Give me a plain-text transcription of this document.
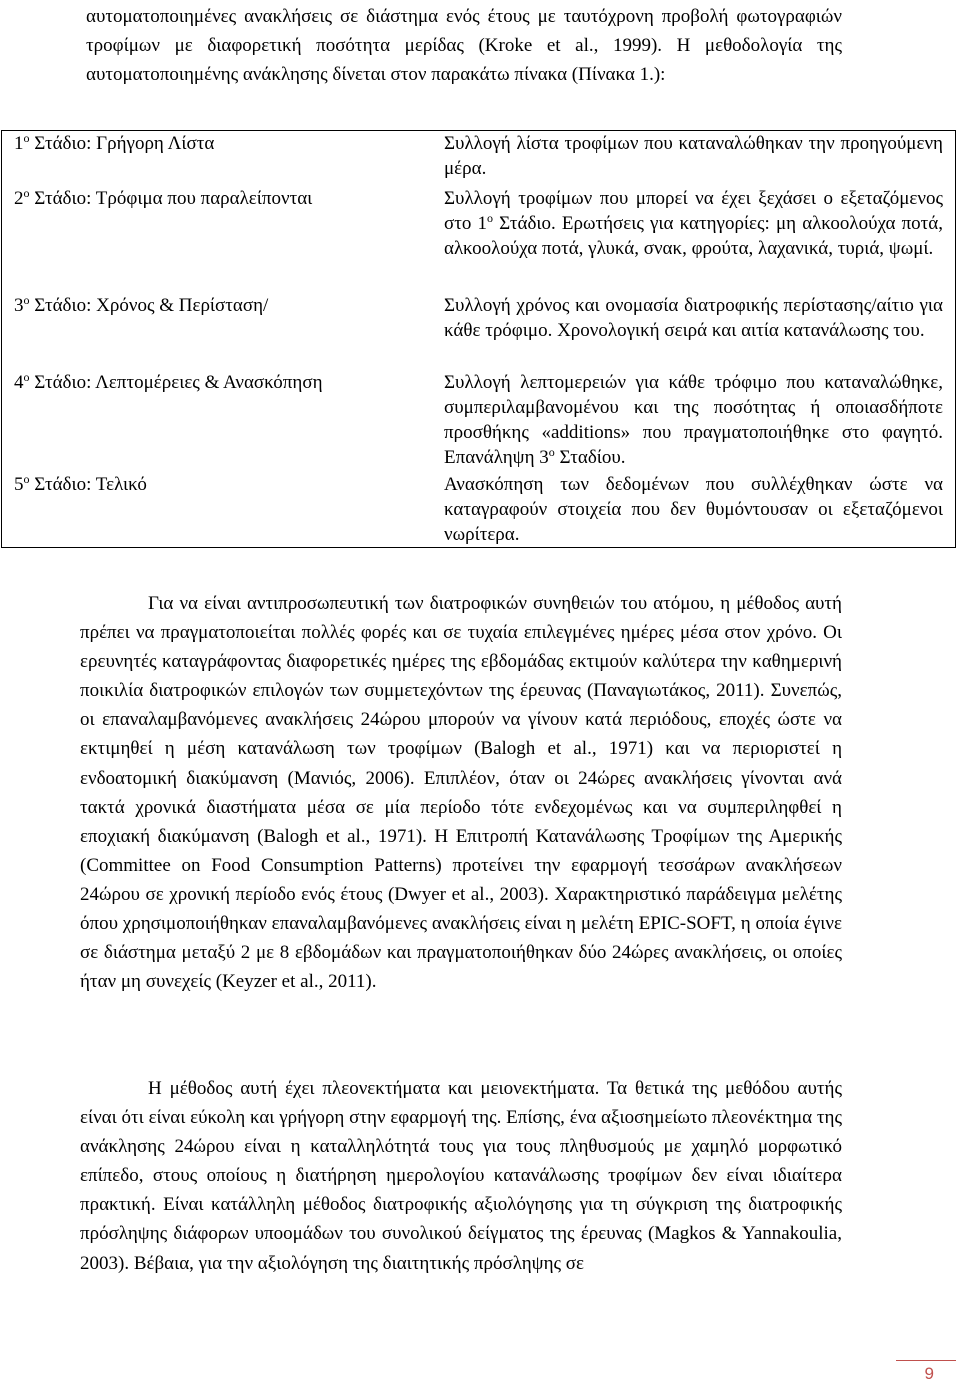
αυτοματοποιημένες ανακλήσεις σε διάστημα ενός έτους με ταυτόχρονη προβολή φωτογραφιών τροφίμων με διαφορετική ποσότητα μερίδας (Kroke et al., 1999). Η μεθοδολογία της αυτοματοποιημένης ανάκλησης δίνεται στον παρακάτω πίνακα (Πίνακα 1.):
$1^o$ Στάδιο: Γρήγορη Λίστα	Συλλογή λίστα τροφίμων που καταναλώθηκαν την προηγούμενη μέρα.
$2^o$ Στάδιο: Τρόφιμα που παραλείπονται	Συλλογή τροφίμων που μπορεί να έχει ξεχάσει ο εξεταζόμενος στο $1^o$ Στάδιο. Ερωτήσεις για κατηγορίες: μη αλκοολούχα ποτά, αλκοολούχα ποτά, γλυκά, σνακ, φρούτα, λαχανικά, τυριά, ψωμί.
$3^o$ Στάδιο: Χρόνος & Περίσταση/	Συλλογή χρόνος και ονομασία διατροφικής περίστασης/αίτιο για κάθε τρόφιμο. Χρονολογική σειρά και αιτία κατανάλωσης του.
$4^o$ Στάδιο: Λεπτομέρειες & Ανασκόπηση	Συλλογή λεπτομερειών για κάθε τρόφιμο που καταναλώθηκε, συμπεριλαμβανομένου και της ποσότητας ή οποιασδήποτε προσθήκης «additions» που πραγματοποιήθηκε στο φαγητό. Επανάληψη $3^o$ Σταδίου.
$5^o$ Στάδιο: Τελικό	Ανασκόπηση των δεδομένων που συλλέχθηκαν ώστε να καταγραφούν στοιχεία που δεν θυμόντουσαν οι εξεταζόμενοι νωρίτερα.

Για να είναι αντιπροσωπευτική των διατροφικών συνηθειών του ατόμου, η μέθοδος αυτή πρέπει να πραγματοποιείται πολλές φορές και σε τυχαία επιλεγμένες ημέρες μέσα στον χρόνο. Οι ερευνητές καταγράφοντας διαφορετικές ημέρες της εβδομάδας εκτιμούν καλύτερα την καθημερινή ποικιλία διατροφικών επιλογών των συμμετεχόντων της έρευνας (Παναγιωτάκος, 2011). Συνεπώς, οι επαναλαμβανόμενες ανακλήσεις 24ώρου μπορούν να γίνουν κατά περιόδους, εποχές ώστε να εκτιμηθεί η μέση κατανάλωση των τροφίμων (Balogh et al., 1971) και να περιοριστεί η ενδοατομική διακύμανση (Μανιός, 2006). Επιπλέον, όταν οι 24ώρες ανακλήσεις γίνονται ανά τακτά χρονικά διαστήματα μέσα σε μία περίοδο τότε ενδεχομένως και να συμπεριληφθεί η εποχιακή διακύμανση (Balogh et al., 1971). Η Επιτροπή Κατανάλωσης Τροφίμων της Αμερικής (Committee on Food Consumption Patterns) προτείνει την εφαρμογή τεσσάρων ανακλήσεων 24ώρου σε χρονική περίοδο ενός έτους (Dwyer et al., 2003). Χαρακτηριστικό παράδειγμα μελέτης όπου χρησιμοποιήθηκαν επαναλαμβανόμενες ανακλήσεις είναι η μελέτη EPIC-SOFT, η οποία έγινε σε διάστημα μεταξύ 2 με 8 εβδομάδων και πραγματοποιήθηκαν δύο 24ώρες ανακλήσεις, οι οποίες ήταν μη συνεχείς (Keyzer et al., 2011).

Η μέθοδος αυτή έχει πλεονεκτήματα και μειονεκτήματα. Τα θετικά της μεθόδου αυτής είναι ότι είναι εύκολη και γρήγορη στην εφαρμογή της. Επίσης, ένα αξιοσημείωτο πλεονέκτημα της ανάκλησης 24ώρου είναι η καταλληλότητά τους για τους πληθυσμούς με χαμηλό μορφωτικό επίπεδο, στους οποίους η διατήρηση ημερολογίου κατανάλωσης τροφίμων δεν είναι ιδιαίτερα πρακτική. Είναι κατάλληλη μέθοδος διατροφικής αξιολόγησης για τη σύγκριση της διατροφικής πρόσληψης διάφορων υποομάδων του συνολικού δείγματος της έρευνας (Magkos & Yannakoulia, 2003). Βέβαια, για την αξιολόγηση της διαιτητικής πρόσληψης σε

9
